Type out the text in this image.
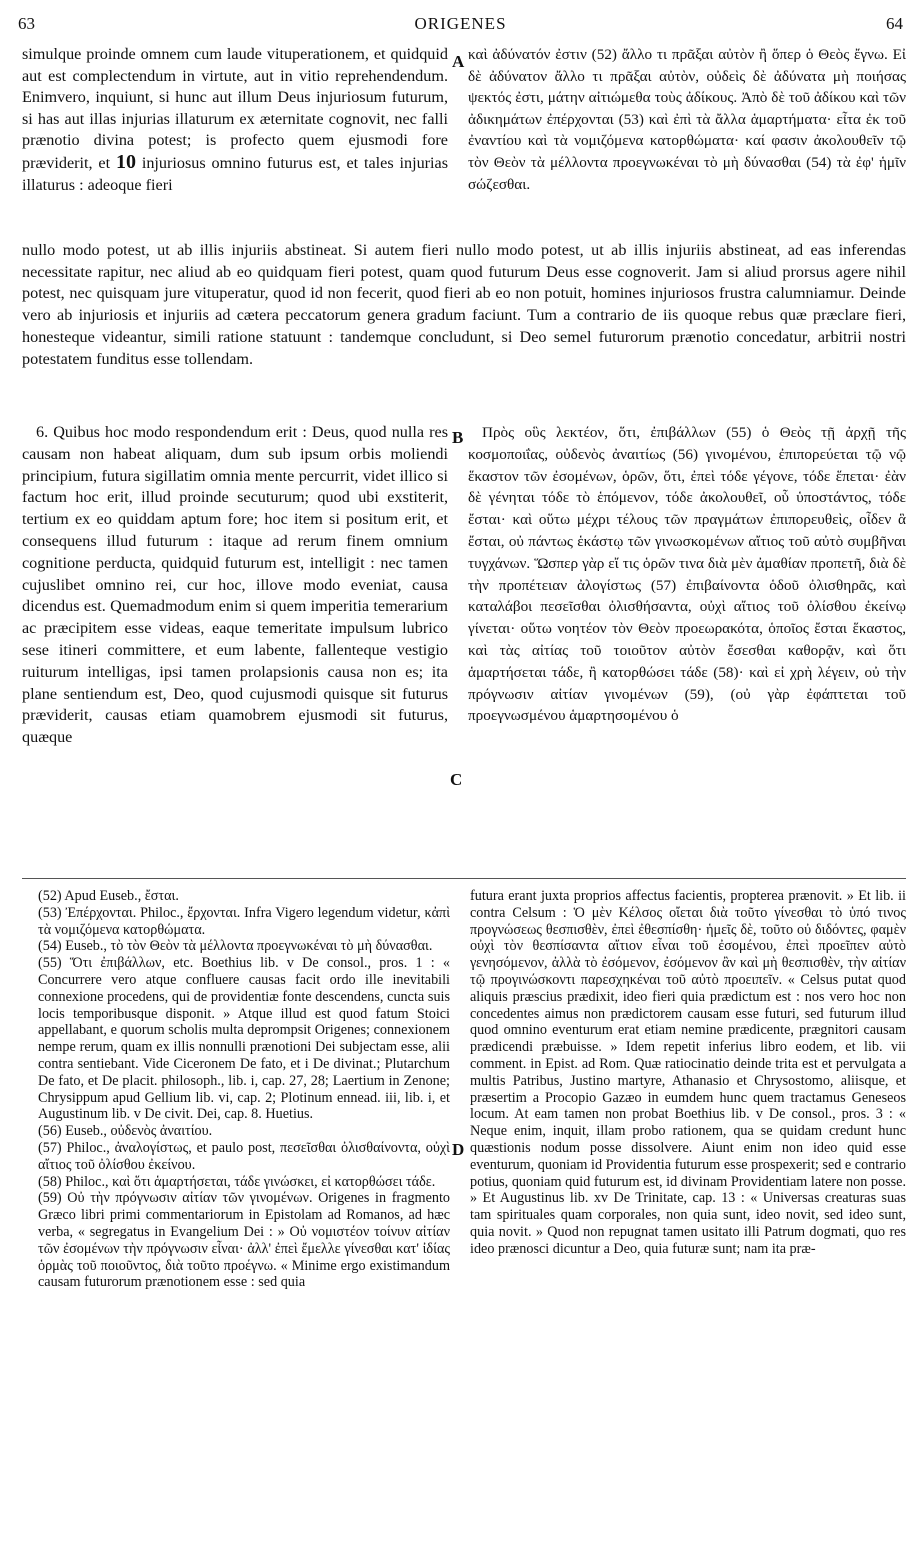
63	ORIGENES	64
A
B
C
D

simulque proinde omnem cum laude vituperationem, et quidquid aut est complectendum in virtute, aut in vitio reprehendendum. Enimvero, inquiunt, si hunc aut illum Deus injuriosum futurum, si has aut illas injurias illaturum ex æternitate cognovit, nec falli prænotio divina potest; is profecto quem ejusmodi fore præviderit, et 10 injuriosus omnino futurus est, et tales injurias illaturus : adeoque fieri

καὶ ἀδύνατόν ἐστιν (52) ἄλλο τι πρᾶξαι αὐτὸν ἢ ὅπερ ὁ Θεὸς ἔγνω. Εἰ δὲ ἀδύνατον ἄλλο τι πρᾶξαι αὐτὸν, οὐδεὶς δὲ ἀδύνατα μὴ ποιήσας ψεκτός ἐστι, μάτην αἰτιώμεθα τοὺς ἀδίκους. Ἀπὸ δὲ τοῦ ἀδίκου καὶ τῶν ἀδικημάτων ἐπέρχονται (53) καὶ ἐπὶ τὰ ἄλλα ἁμαρτήματα· εἶτα ἐκ τοῦ ἐναντίου καὶ τὰ νομιζόμενα κατορθώματα· καί φασιν ἀκολουθεῖν τῷ τὸν Θεὸν τὰ μέλλοντα προεγνωκέναι τὸ μὴ δύνασθαι (54) τὰ ἐφ' ἡμῖν σώζεσθαι.

nullo modo potest, ut ab illis injuriis abstineat. Si autem fieri nullo modo potest, ut ab illis injuriis abstineat, ad eas inferendas necessitate rapitur, nec aliud ab eo quidquam fieri potest, quam quod futurum Deus esse cognoverit. Jam si aliud prorsus agere nihil potest, nec quisquam jure vituperatur, quod id non fecerit, quod fieri ab eo non potuit, homines injuriosos frustra calumniamur. Deinde vero ab injuriosis et injuriis ad cætera peccatorum genera gradum faciunt. Tum a contrario de iis quoque rebus quæ præclare fieri, honesteque videantur, simili ratione statuunt : tandemque concludunt, si Deo semel futurorum prænotio concedatur, arbitrii nostri potestatem funditus esse tollendam.

6. Quibus hoc modo respondendum erit : Deus, quod nulla res causam non habeat aliquam, dum sub ipsum orbis moliendi principium, futura sigillatim omnia mente percurrit, videt illico si factum hoc erit, illud proinde secuturum; quod ubi exstiterit, tertium ex eo quiddam aptum fore; hoc item si positum erit, et consequens illud futurum : itaque ad rerum finem omnium cognitione perducta, quidquid futurum est, intelligit : nec tamen cujuslibet omnino rei, cur hoc, illove modo eveniat, causa dicendus est. Quemadmodum enim si quem imperitia temerarium ac præcipitem esse videas, eaque temeritate impulsum lubrico sese itineri committere, et eum labente, fallenteque vestigio ruiturum intelligas, ipsi tamen prolapsionis causa non es; ita plane sentiendum est, Deo, quod cujusmodi quisque sit futurus præviderit, causas etiam quamobrem ejusmodi sit futurus, quæque

Πρὸς οὓς λεκτέον, ὅτι, ἐπιβάλλων (55) ὁ Θεὸς τῇ ἀρχῇ τῆς κοσμοποιΐας, οὐδενὸς ἀναιτίως (56) γινομένου, ἐπιπορεύεται τῷ νῷ ἕκαστον τῶν ἐσομένων, ὁρῶν, ὅτι, ἐπεὶ τόδε γέγονε, τόδε ἕπεται· ἐὰν δὲ γένηται τόδε τὸ ἑπόμενον, τόδε ἀκολουθεῖ, οὗ ὑποστάντος, τόδε ἔσται· καὶ οὕτω μέχρι τέλους τῶν πραγμάτων ἐπιπορευθεὶς, οἶδεν ἃ ἔσται, οὐ πάντως ἑκάστῳ τῶν γινωσκομένων αἴτιος τοῦ αὐτὸ συμβῆναι τυγχάνων. Ὥσπερ γὰρ εἴ τις ὁρῶν τινα διὰ μὲν ἀμαθίαν προπετῆ, διὰ δὲ τὴν προπέτειαν ἀλογίστως (57) ἐπιβαίνοντα ὁδοῦ ὀλισθηρᾶς, καὶ καταλάβοι πεσεῖσθαι ὀλισθήσαντα, οὐχὶ αἴτιος τοῦ ὀλίσθου ἐκείνῳ γίνεται· οὕτω νοητέον τὸν Θεὸν προεωρακότα, ὁποῖος ἔσται ἕκαστος, καὶ τὰς αἰτίας τοῦ τοιοῦτον αὐτὸν ἔσεσθαι καθορᾷν, καὶ ὅτι ἁμαρτήσεται τάδε, ἢ κατορθώσει τάδε (58)· καὶ εἰ χρὴ λέγειν, οὐ τὴν πρόγνωσιν αἰτίαν γινομένων (59), (οὐ γὰρ ἐφάπτεται τοῦ προεγνωσμένου ἁμαρτησομένου ὁ

(52) Apud Euseb., ἔσται.

(53) Ἐπέρχονται. Philoc., ἔρχονται. Infra Vigero legendum videtur, κἀπὶ τὰ νομιζόμενα κατορθώματα.

(54) Euseb., τὸ τὸν Θεὸν τὰ μέλλοντα προεγνωκέναι τὸ μὴ δύνασθαι.

(55) Ὅτι ἐπιβάλλων, etc. Boethius lib. v De consol., pros. 1 : « Concurrere vero atque confluere causas facit ordo ille inevitabili connexione procedens, qui de providentiæ fonte descendens, cuncta suis locis temporibusque disponit. » Atque illud est quod fatum Stoici appellabant, e quorum scholis multa deprompsit Origenes; connexionem nempe rerum, quam ex illis nonnulli prænotioni Dei subjectam esse, alii contra sentiebant. Vide Ciceronem De fato, et i De divinat.; Plutarchum De fato, et De placit. philosoph., lib. i, cap. 27, 28; Laertium in Zenone; Chrysippum apud Gellium lib. vi, cap. 2; Plotinum ennead. iii, lib. i, et Augustinum lib. v De civit. Dei, cap. 8. Huetius.

(56) Euseb., οὐδενὸς ἀναιτίου.

(57) Philoc., ἀναλογίστως, et paulo post, πεσεῖσθαι ὀλισθαίνοντα, οὐχὶ αἴτιος τοῦ ὀλίσθου ἐκείνου.

(58) Philoc., καὶ ὅτι ἁμαρτήσεται, τάδε γινώσκει, εἰ κατορθώσει τάδε.

(59) Οὐ τὴν πρόγνωσιν αἰτίαν τῶν γινομένων. Origenes in fragmento Græco libri primi commentariorum in Epistolam ad Romanos, ad hæc verba, « segregatus in Evangelium Dei : » Οὐ νομιστέον τοίνυν αἰτίαν τῶν ἐσομένων τὴν πρόγνωσιν εἶναι· ἀλλ' ἐπεὶ ἔμελλε γίνεσθαι κατ' ἰδίας ὁρμὰς τοῦ ποιοῦντος, διὰ τοῦτο προέγνω. « Minime ergo existimandum causam futurorum prænotionem esse : sed quia

futura erant juxta proprios affectus facientis, propterea prænovit. » Et lib. ii contra Celsum : Ὁ μὲν Κέλσος οἴεται διὰ τοῦτο γίνεσθαι τὸ ὑπό τινος προγνώσεως θεσπισθὲν, ἐπεὶ ἐθεσπίσθη· ἡμεῖς δὲ, τοῦτο οὐ διδόντες, φαμὲν οὐχὶ τὸν θεσπίσαντα αἴτιον εἶναι τοῦ ἐσομένου, ἐπεὶ προεῖπεν αὐτὸ γενησόμενον, ἀλλὰ τὸ ἐσόμενον, ἐσόμενον ἂν καὶ μὴ θεσπισθὲν, τὴν αἰτίαν τῷ προγινώσκοντι παρεσχηκέναι τοῦ αὐτὸ προειπεῖν. « Celsus putat quod aliquis præscius prædixit, ideo fieri quia prædictum est : nos vero hoc non concedentes aimus non prædictorem causam esse futuri, sed futurum illud quod omnino eventurum erat etiam nemine prædicente, prægnitori causam prædicendi præbuisse. » Idem repetit inferius libro eodem, et lib. vii comment. in Epist. ad Rom. Quæ ratiocinatio deinde trita est et pervulgata a multis Patribus, Justino martyre, Athanasio et Chrysostomo, aliisque, et præsertim a Procopio Gazæo in eumdem hunc quem tractamus Geneseos locum. At eam tamen non probat Boethius lib. v De consol., pros. 3 : « Neque enim, inquit, illam probo rationem, qua se quidam credunt hunc quæstionis nodum posse dissolvere. Aiunt enim non ideo quid esse eventurum, quoniam id Providentia futurum esse prospexerit; sed e contrario potius, quoniam quid futurum est, id divinam Providentiam latere non posse. » Et Augustinus lib. xv De Trinitate, cap. 13 : « Universas creaturas suas tam spirituales quam corporales, non quia sunt, ideo novit, sed ideo sunt, quia novit. » Quod non repugnat tamen usitato illi Patrum dogmati, quo res ideo prænosci dicuntur a Deo, quia futuræ sunt; nam ita præ-
